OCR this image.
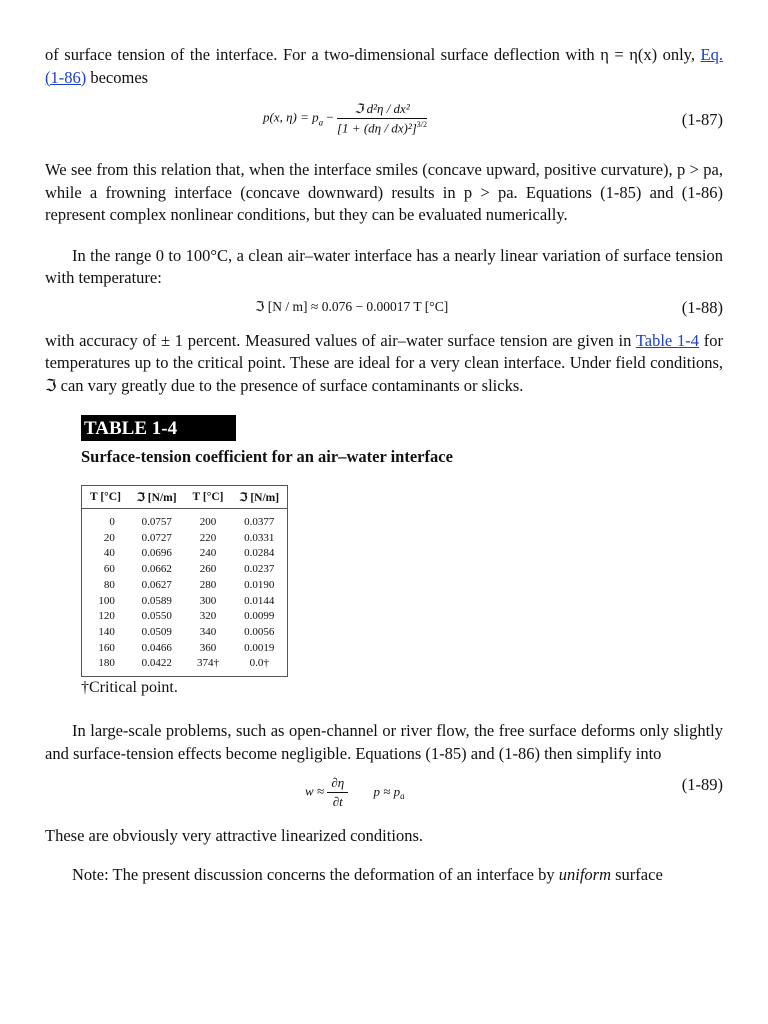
of surface tension of the interface. For a two-dimensional surface deflection with η = η(x) only, Eq. (1-86) becomes

p(x, $\eta) = p_a - \frac{\text{ℑ d²η / dx²}}{[1 + (d\eta / dx)^2]^{3/2}}$	(1-87)

We see from this relation that, when the interface smiles (concave upward, positive curvature), p > pa, while a frowning interface (concave downward) results in p > pa. Equations (1-85) and (1-86) represent complex nonlinear conditions, but they can be evaluated numerically.

In the range 0 to 100°C, a clean air–water interface has a nearly linear variation of surface tension with temperature:

ℑ [N / m] ≈ 0.076 − 0.00017 T [°C]	(1-88)

with accuracy of ± 1 percent. Measured values of air–water surface tension are given in Table 1-4 for temperatures up to the critical point. These are ideal for a very clean interface. Under field conditions, ℑ can vary greatly due to the presence of surface contaminants or slicks.

TABLE 1-4
Surface-tension coefficient for an air–water interface
T [°C]	ℑ [N/m]	T [°C]	ℑ [N/m]
0	0.0757	200	0.0377
20	0.0727	220	0.0331
40	0.0696	240	0.0284
60	0.0662	260	0.0237
80	0.0627	280	0.0190
100	0.0589	300	0.0144
120	0.0550	320	0.0099
140	0.0509	340	0.0056
160	0.0466	360	0.0019
180	0.0422	374†	0.0†
†Critical point.

In large-scale problems, such as open-channel or river flow, the free surface deforms only slightly and surface-tension effects become negligible. Equations (1-85) and (1-86) then simplify into

$w \approx \frac{\partial\eta}{\partial t}$ $p \approx p_a$
(1-89)

These are obviously very attractive linearized conditions.

Note: The present discussion concerns the deformation of an interface by uniform surface
